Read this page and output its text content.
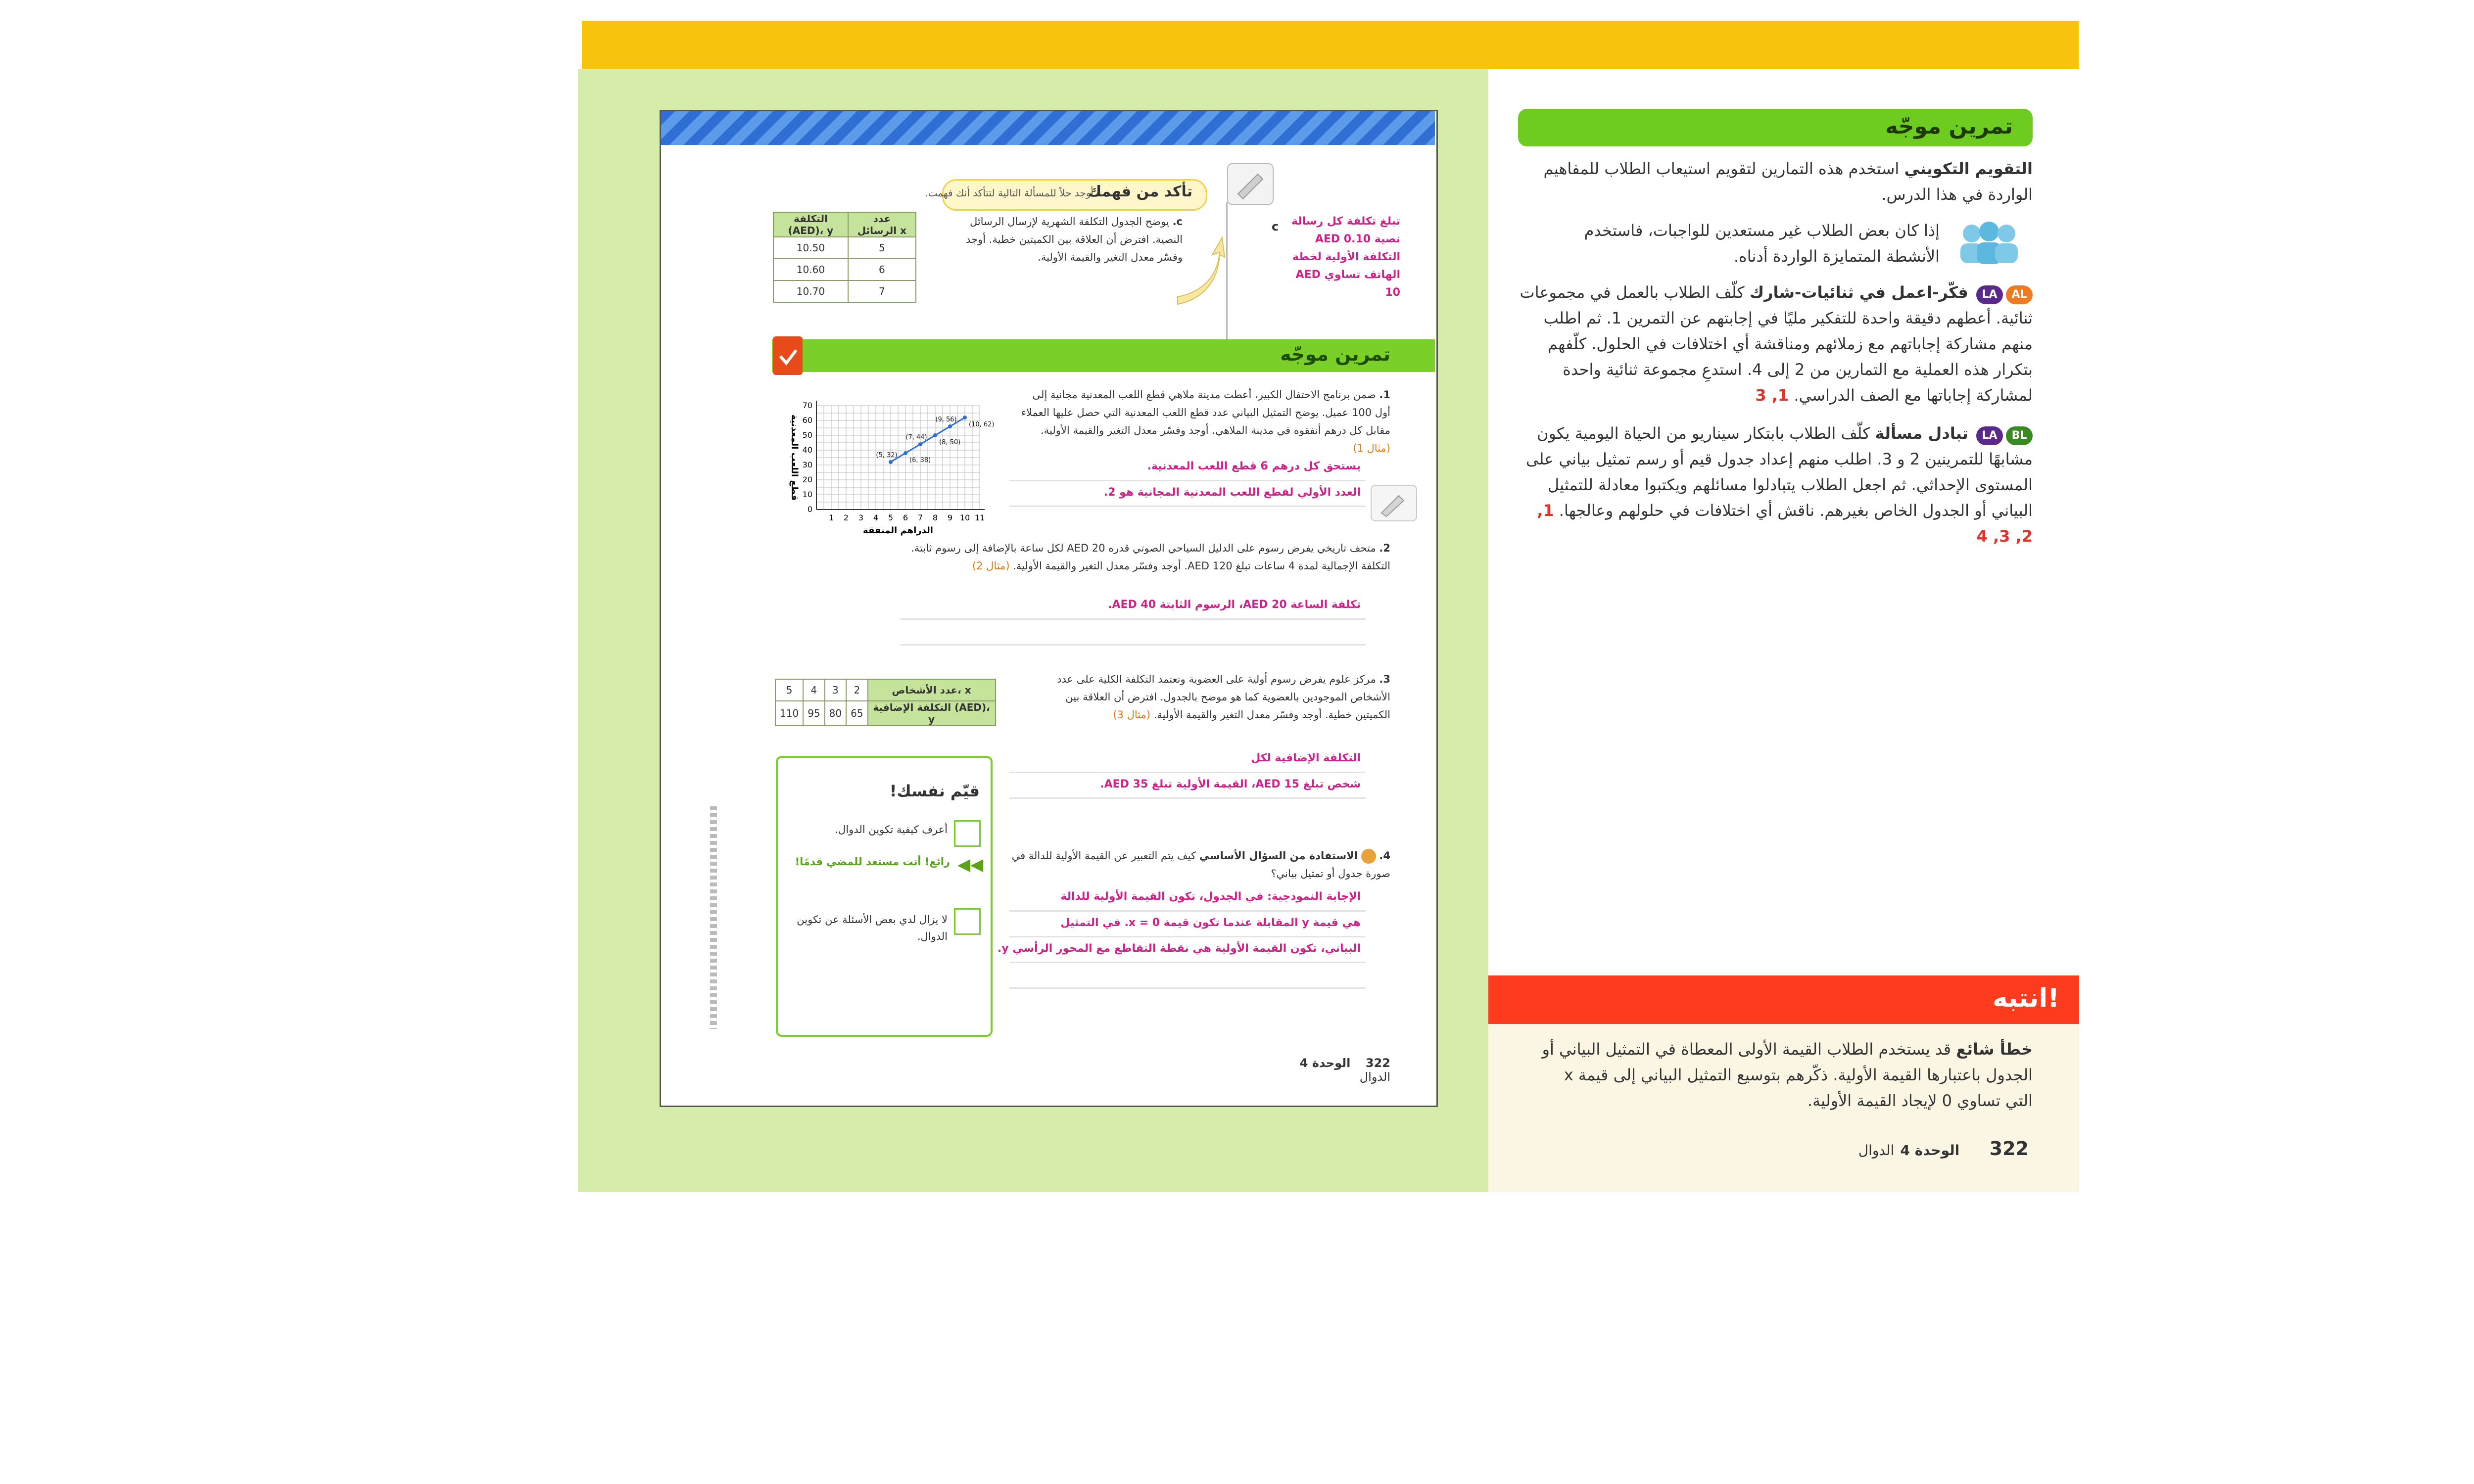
تأكد من فهمك
أوجد حلاً للمسألة التالية لتتأكد أنك فهمت.
c. يوضح الجدول التكلفة الشهرية لإرسال الرسائل النصية. افترض أن العلاقة بين الكميتين خطية. أوجد وفسّر معدل التغير والقيمة الأولية.
التكلفة (AED)، y	عدد الرسائل x
10.50	5
10.60	6
10.70	7
c	تبلغ تكلفة كل رسالة
نصية AED 0.10
التكلفة الأولية لخطة
الهاتف تساوي AED 10
تمرين موجّه
1. ضمن برنامج الاحتفال الكبير، أعطت مدينة ملاهي قطع اللعب المعدنية مجانية إلى أول 100 عميل. يوضح التمثيل البياني عدد قطع اللعب المعدنية التي حصل عليها العملاء مقابل كل درهم أنفقوه في مدينة الملاهي. أوجد وفسّر معدل التغير والقيمة الأولية. (مثال 1)
يستحق كل درهم 6 قطع اللعب المعدنية.
العدد الأولي لقطع اللعب المعدنية المجانية هو 2.
1 2 3 4 5 6 7 8 9 10 11
0
10
20
30
40
50
60
70
(5, 32)
(6, 38)
(7, 44)
(8, 50)
(9, 56)
(10, 62)
الدراهم المنفقة
قطع اللعب المعدنية
2. متحف تاريخي يفرض رسوم على الدليل السياحي الصوتي قدره AED 20 لكل ساعة بالإضافة إلى رسوم ثابتة. التكلفة الإجمالية لمدة 4 ساعات تبلغ AED 120. أوجد وفسّر معدل التغير والقيمة الأولية. (مثال 2)
تكلفة الساعة AED 20، الرسوم الثابتة AED 40.
3. مركز علوم يفرض رسوم أولية على العضوية وتعتمد التكلفة الكلية على عدد الأشخاص الموجودين بالعضوية كما هو موضح بالجدول. افترض أن العلاقة بين الكميتين خطية. أوجد وفسّر معدل التغير والقيمة الأولية. (مثال 3)
5	4	3	2	عدد الأشخاص، x
110	95	80	65	التكلفة الإضافية (AED)، y
التكلفة الإضافية لكل
شخص تبلغ AED 15، القيمة الأولية تبلغ AED 35.
قيّم نفسك!
أعرف كيفية تكوين الدوال.
رائع! أنت مستعد للمضي قدمًا! ◀◀
لا يزال لدي بعض الأسئلة عن تكوين الدوال.
4.  الاستفادة من السؤال الأساسي كيف يتم التعبير عن القيمة الأولية للدالة في صورة جدول أو تمثيل بياني؟
الإجابة النموذجية: في الجدول، تكون القيمة الأولية للدالة
هي قيمة y المقابلة عندما تكون قيمة x = 0. في التمثيل
البياني، تكون القيمة الأولية هي نقطة التقاطع مع المحور الرأسي y.
322    الوحدة 4 الدوال
تمرين موجّه
التقويم التكويني استخدم هذه التمارين لتقويم استيعاب الطلاب للمفاهيم الواردة في هذا الدرس.
إذا كان بعض الطلاب غير مستعدين للواجبات، فاستخدم الأنشطة المتمايزة الواردة أدناه.
ALLA فكّر-اعمل في ثنائيات-شارك كلّف الطلاب بالعمل في مجموعات ثنائية. أعطهم دقيقة واحدة للتفكير مليًا في إجابتهم عن التمرين 1. ثم اطلب منهم مشاركة إجاباتهم مع زملائهم ومناقشة أي اختلافات في الحلول. كلّفهم بتكرار هذه العملية مع التمارين من 2 إلى 4. استدعِ مجموعة ثنائية واحدة لمشاركة إجاباتها مع الصف الدراسي. 1, 3
BLLA تبادل مسألة كلّف الطلاب بابتكار سيناريو من الحياة اليومية يكون مشابهًا للتمرينين 2 و 3. اطلب منهم إعداد جدول قيم أو رسم تمثيل بياني على المستوى الإحداثي. ثم اجعل الطلاب يتبادلوا مسائلهم ويكتبوا معادلة للتمثيل البياني أو الجدول الخاص بغيرهم. ناقش أي اختلافات في حلولهم وعالجها. 1, 2, 3, 4
انتبه!
خطأ شائع قد يستخدم الطلاب القيمة الأولى المعطاة في التمثيل البياني أو الجدول باعتبارها القيمة الأولية. ذكّرهم بتوسيع التمثيل البياني إلى قيمة x التي تساوي 0 لإيجاد القيمة الأولية.
322     الوحدة 4 الدوال
